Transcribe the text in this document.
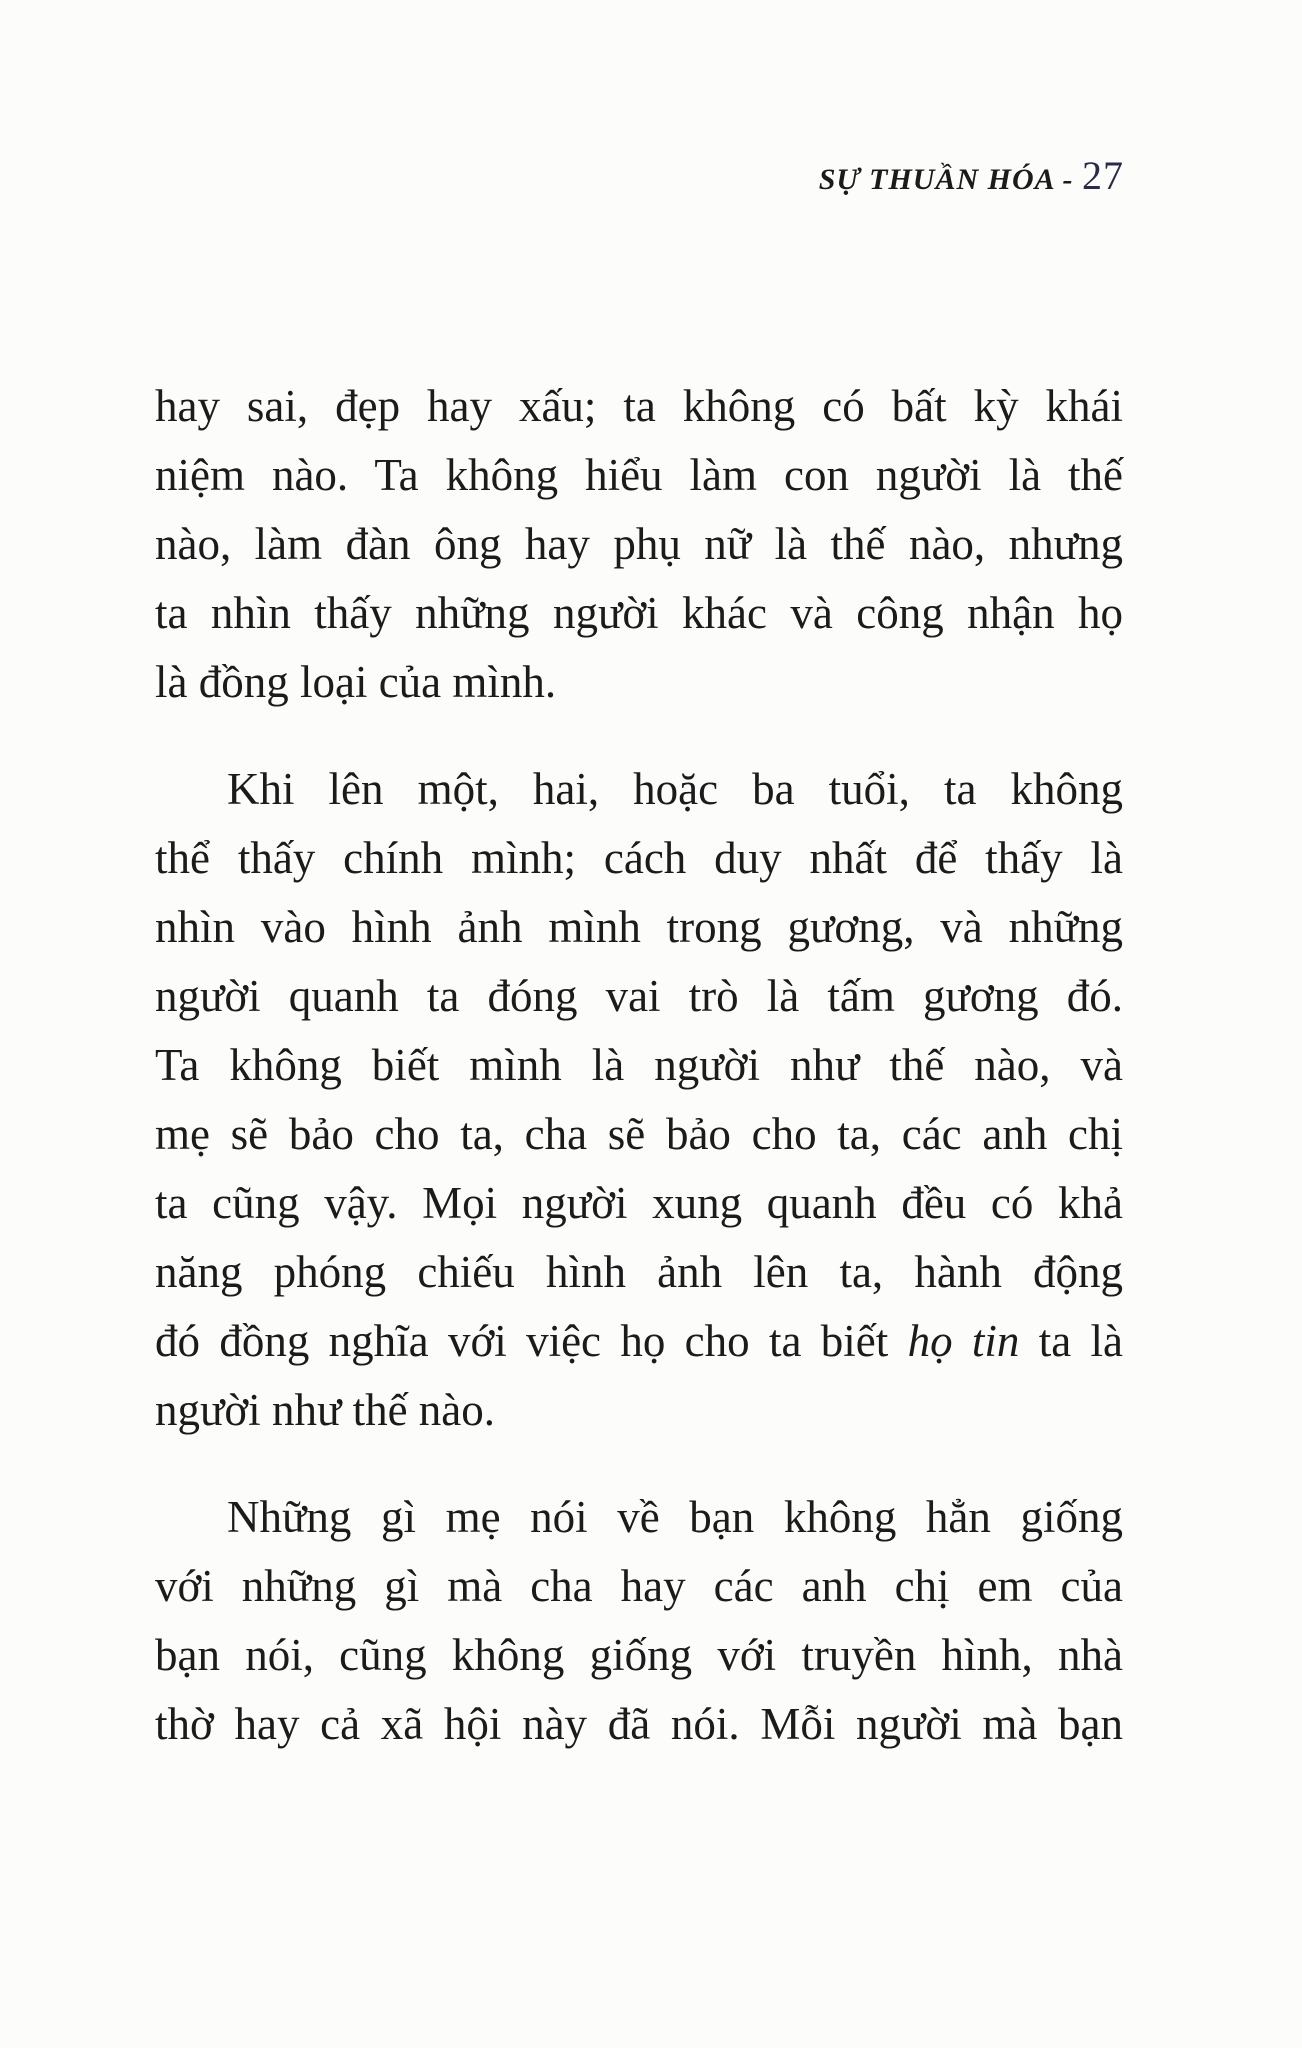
SỰ THUẦN HÓA - 27
hay sai, đẹp hay xấu; ta không có bất kỳ khái
niệm nào. Ta không hiểu làm con người là thế
nào, làm đàn ông hay phụ nữ là thế nào, nhưng
ta nhìn thấy những người khác và công nhận họ
là đồng loại của mình.
Khi lên một, hai, hoặc ba tuổi, ta không
thể thấy chính mình; cách duy nhất để thấy là
nhìn vào hình ảnh mình trong gương, và những
người quanh ta đóng vai trò là tấm gương đó.
Ta không biết mình là người như thế nào, và
mẹ sẽ bảo cho ta, cha sẽ bảo cho ta, các anh chị
ta cũng vậy. Mọi người xung quanh đều có khả
năng phóng chiếu hình ảnh lên ta, hành động
đó đồng nghĩa với việc họ cho ta biết họ tin ta là
người như thế nào.
Những gì mẹ nói về bạn không hẳn giống
với những gì mà cha hay các anh chị em của
bạn nói, cũng không giống với truyền hình, nhà
thờ hay cả xã hội này đã nói. Mỗi người mà bạn
